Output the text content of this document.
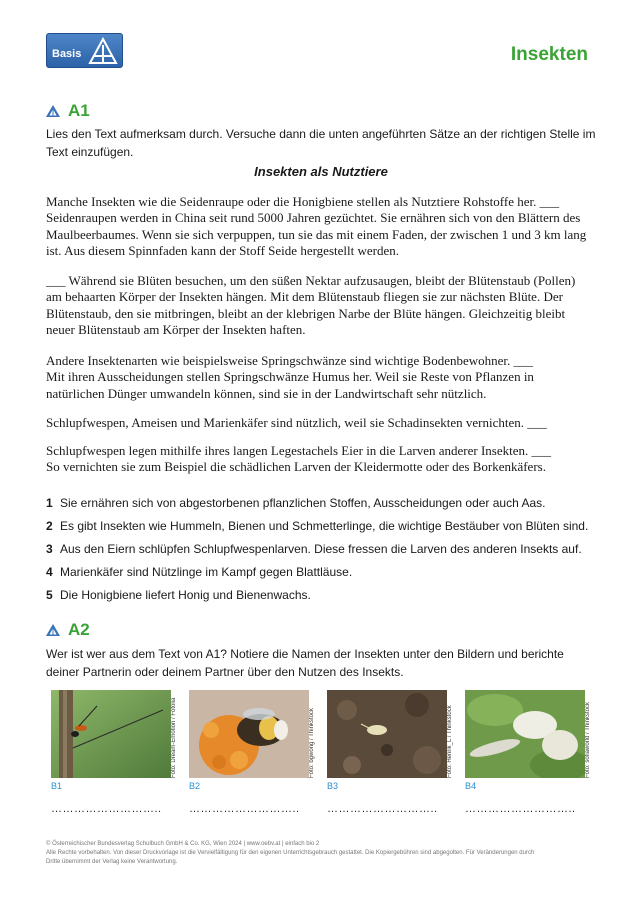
Basis	Insekten
A1
Lies den Text aufmerksam durch. Versuche dann die unten angeführten Sätze an der richtigen Stelle im
Text einzufügen.
Insekten als Nutztiere
Manche Insekten wie die Seidenraupe oder die Honigbiene stellen als Nutztiere Rohstoffe her. ___
Seidenraupen werden in China seit rund 5000 Jahren gezüchtet. Sie ernähren sich von den Blättern des
Maulbeerbaumes. Wenn sie sich verpuppen, tun sie das mit einem Faden, der zwischen 1 und 3 km lang
ist. Aus diesem Spinnfaden kann der Stoff Seide hergestellt werden.
___ Während sie Blüten besuchen, um den süßen Nektar aufzusaugen, bleibt der Blütenstaub (Pollen)
am behaarten Körper der Insekten hängen. Mit dem Blütenstaub fliegen sie zur nächsten Blüte. Der
Blütenstaub, den sie mitbringen, bleibt an der klebrigen Narbe der Blüte hängen. Gleichzeitig bleibt
neuer Blütenstaub am Körper der Insekten haften.
Andere Insektenarten wie beispielsweise Springschwänze sind wichtige Bodenbewohner. ___
Mit ihren Ausscheidungen stellen Springschwänze Humus her. Weil sie Reste von Pflanzen in
natürlichen Dünger umwandeln können, sind sie in der Landwirtschaft sehr nützlich.
Schlupfwespen, Ameisen und Marienkäfer sind nützlich, weil sie Schadinsekten vernichten. ___
Schlupfwespen legen mithilfe ihres langen Legestachels Eier in die Larven anderer Insekten. ___
So vernichten sie zum Beispiel die schädlichen Larven der Kleidermotte oder des Borkenkäfers.
1 Sie ernähren sich von abgestorbenen pflanzlichen Stoffen, Ausscheidungen oder auch Aas.
2 Es gibt Insekten wie Hummeln, Bienen und Schmetterlinge, die wichtige Bestäuber von Blüten sind.
3 Aus den Eiern schlüpfen Schlupfwespenlarven. Diese fressen die Larven des anderen Insekts auf.
4 Marienkäfer sind Nützlinge im Kampf gegen Blattläuse.
5 Die Honigbiene liefert Honig und Bienenwachs.
A2
Wer ist wer aus dem Text von A1? Notiere die Namen der Insekten unter den Bildern und berichte
deiner Partnerin oder deinem Partner über den Nutzen des Insekts.
Foto: Dream-Emotion / Fotolia	Foto: bgwong / Thinkstock	Foto: Henrik_L / Thinkstock	Foto: sofiaworld / Thinkstock
B1	B2	B3	B4
……………………….. ……………………….. ……………………….. ………………………..
© Österreichischer Bundesverlag Schulbuch GmbH & Co. KG, Wien 2024 | www.oebv.at | einfach bio 2
Alle Rechte vorbehalten. Von dieser Druckvorlage ist die Vervielfältigung für den eigenen Unterrichtsgebrauch gestattet. Die Kopiergebühren sind abgegolten. Für Veränderungen durch
Dritte übernimmt der Verlag keine Verantwortung.
